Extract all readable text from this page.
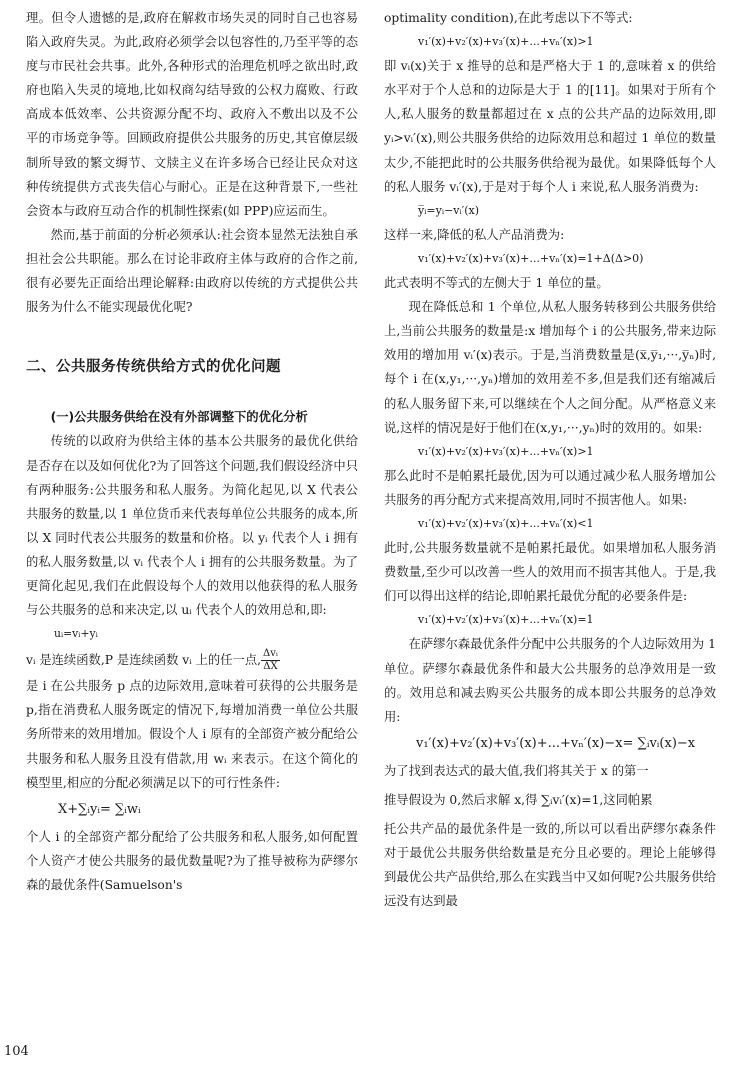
理。但令人遗憾的是,政府在解救市场失灵的同时自己也容易陷入政府失灵。为此,政府必须学会以包容性的,乃至平等的态度与市民社会共事。此外,各种形式的治理危机呼之欲出时,政府也陷入失灵的境地,比如权商勾结导致的公权力腐败、行政高成本低效率、公共资源分配不均、政府入不敷出以及不公平的市场竞争等。回顾政府提供公共服务的历史,其官僚层级制所导致的繁文缛节、文牍主义在许多场合已经让民众对这种传统提供方式丧失信心与耐心。正是在这种背景下,一些社会资本与政府互动合作的机制性探索(如 PPP)应运而生。

然而,基于前面的分析必须承认:社会资本显然无法独自承担社会公共职能。那么在讨论非政府主体与政府的合作之前,很有必要先正面给出理论解释:由政府以传统的方式提供公共服务为什么不能实现最优化呢?

二、公共服务传统供给方式的优化问题
(一)公共服务供给在没有外部调整下的优化分析

传统的以政府为供给主体的基本公共服务的最优化供给是否存在以及如何优化?为了回答这个问题,我们假设经济中只有两种服务:公共服务和私人服务。为简化起见,以 X 代表公共服务的数量,以 1 单位货币来代表每单位公共服务的成本,所以 X 同时代表公共服务的数量和价格。以 yᵢ 代表个人 i 拥有的私人服务数量,以 vᵢ 代表个人 i 拥有的公共服务数量。为了更简化起见,我们在此假设每个人的效用以他获得的私人服务与公共服务的总和来决定,以 uᵢ 代表个人的效用总和,即:

uᵢ=vᵢ+yᵢ

vᵢ 是连续函数,P 是连续函数 vᵢ 上的任一点, $\frac{\text{Δvᵢ}}{\Delta X}$

是 i 在公共服务 p 点的边际效用,意味着可获得的公共服务是 p,指在消费私人服务既定的情况下,每增加消费一单位公共服务所带来的效用增加。假设个人 i 原有的全部资产被分配给公共服务和私人服务且没有借款,用 wᵢ 来表示。在这个简化的模型里,相应的分配必须满足以下的可行性条件:

X+∑ᵢyᵢ= ∑ᵢwᵢ

个人 i 的全部资产都分配给了公共服务和私人服务,如何配置个人资产才使公共服务的最优数量呢?为了推导被称为萨缪尔森的最优条件(Samuelson's

optimality condition),在此考虑以下不等式:

v₁′(x)+v₂′(x)+v₃′(x)+...+vₙ′(x)>1

即 vᵢ(x)关于 x 推导的总和是严格大于 1 的,意味着 x 的供给水平对于个人总和的边际是大于 1 的[11]。如果对于所有个人,私人服务的数量都超过在 x 点的公共产品的边际效用,即 yᵢ>vᵢ′(x),则公共服务供给的边际效用总和超过 1 单位的数量太少,不能把此时的公共服务供给视为最优。如果降低每个人的私人服务 vᵢ′(x),于是对于每个人 i 来说,私人服务消费为:

y̅ᵢ=yᵢ−vᵢ′(x)

这样一来,降低的私人产品消费为:

v₁′(x)+v₂′(x)+v₃′(x)+...+vₙ′(x)=1+Δ(Δ>0)

此式表明不等式的左侧大于 1 单位的量。

现在降低总和 1 个单位,从私人服务转移到公共服务供给上,当前公共服务的数量是:x 增加每个 i 的公共服务,带来边际效用的增加用 vᵢ′(x)表示。于是,当消费数量是(x̅,y̅₁,···,y̅ₙ)时,每个 i 在(x,y₁,···,yₙ)增加的效用差不多,但是我们还有缩减后的私人服务留下来,可以继续在个人之间分配。从严格意义来说,这样的情况是好于他们在(x,y₁,···,yₙ)时的效用的。如果:

v₁′(x)+v₂′(x)+v₃′(x)+...+vₙ′(x)>1

那么此时不是帕累托最优,因为可以通过减少私人服务增加公共服务的再分配方式来提高效用,同时不损害他人。如果:

v₁′(x)+v₂′(x)+v₃′(x)+...+vₙ′(x)<1

此时,公共服务数量就不是帕累托最优。如果增加私人服务消费数量,至少可以改善一些人的效用而不损害其他人。于是,我们可以得出这样的结论,即帕累托最优分配的必要条件是:

v₁′(x)+v₂′(x)+v₃′(x)+...+vₙ′(x)=1

在萨缪尔森最优条件分配中公共服务的个人边际效用为 1 单位。萨缪尔森最优条件和最大公共服务的总净效用是一致的。效用总和减去购买公共服务的成本即公共服务的总净效用:

v₁′(x)+v₂′(x)+v₃′(x)+...+vₙ′(x)−x= ∑ᵢvᵢ(x)−x

为了找到表达式的最大值,我们将其关于 x 的第一

推导假设为 0,然后求解 x,得 ∑ᵢvᵢ′(x)=1,这同帕累

托公共产品的最优条件是一致的,所以可以看出萨缪尔森条件对于最优公共服务供给数量是充分且必要的。理论上能够得到最优公共产品供给,那么在实践当中又如何呢?公共服务供给远没有达到最

104
